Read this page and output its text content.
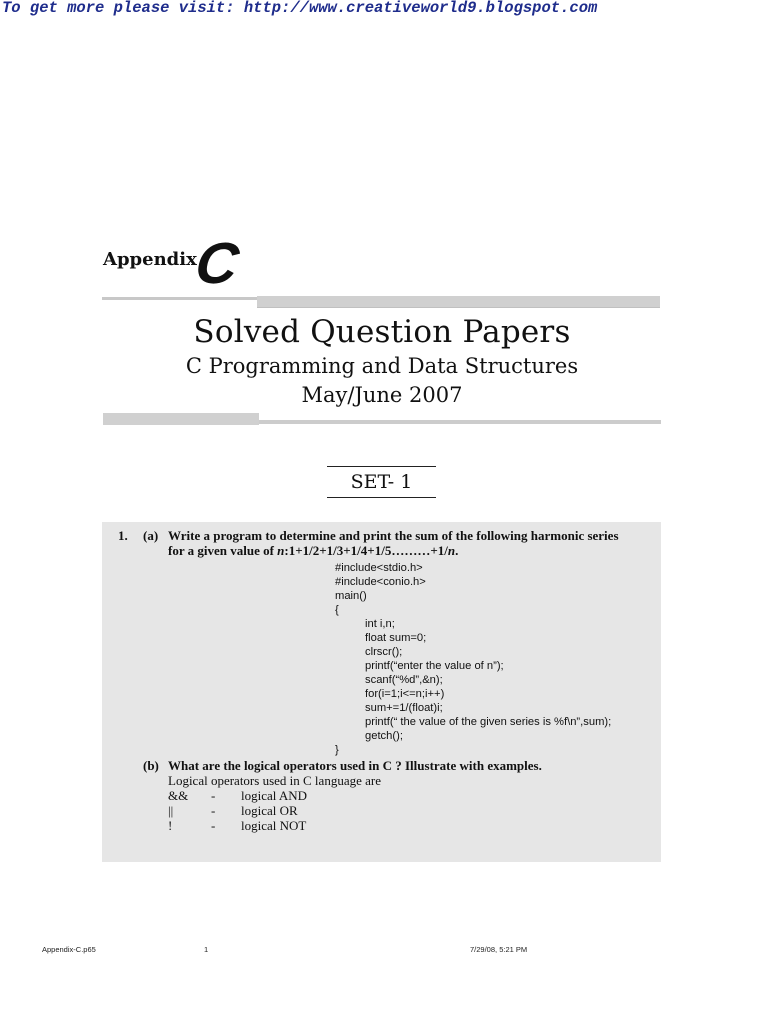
To get more please visit: http://www.creativeworld9.blogspot.com
Appendix
C
Solved Question Papers
C Programming and Data Structures
May/June 2007
SET- 1
1. (a) Write a program to determine and print the sum of the following harmonic series
for a given value of n:1+1/2+1/3+1/4+1/5………+1/n.
#include<stdio.h>
#include<conio.h>
main()
{
int i,n;
float sum=0;
clrscr();
printf(“enter the value of n”);
scanf(“%d”,&n);
for(i=1;i<=n;i++)
sum+=1/(float)i;
printf(“ the value of the given series is %f\n”,sum);
getch();
}
(b) What are the logical operators used in C ? Illustrate with examples.
Logical operators used in C language are
&& - logical AND
||	- logical OR
!	- logical NOT
Appendix-C.p65	1	7/29/08, 5:21 PM
